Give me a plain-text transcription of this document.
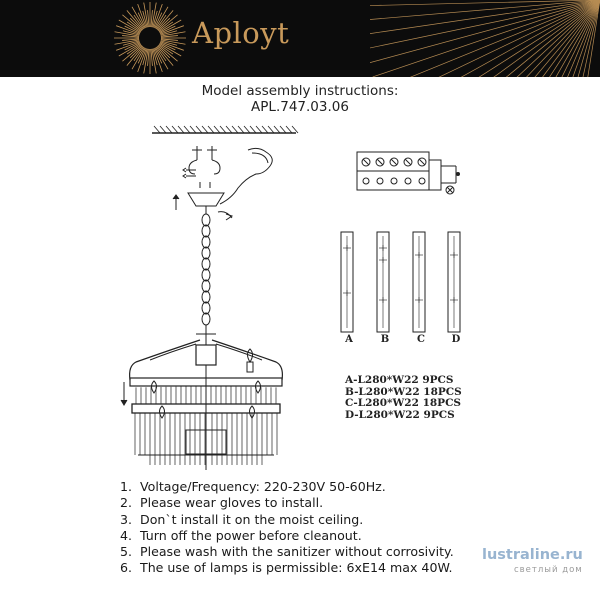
Aployt
Model assembly instructions:
APL.747.03.06
A	B	C	D
A-L280*W22 9PCS
B-L280*W22 18PCS
C-L280*W22 18PCS
D-L280*W22 9PCS
1. Voltage/Frequency: 220-230V 50-60Hz.
2. Please wear gloves to install.
3. Don`t install it on the moist ceiling.
4. Turn off the power before cleanout.
5. Please wash with the sanitizer without corrosivity.
6. The use of lamps is permissible: 6xE14 max 40W.
lustraline.ru
светлый дом
